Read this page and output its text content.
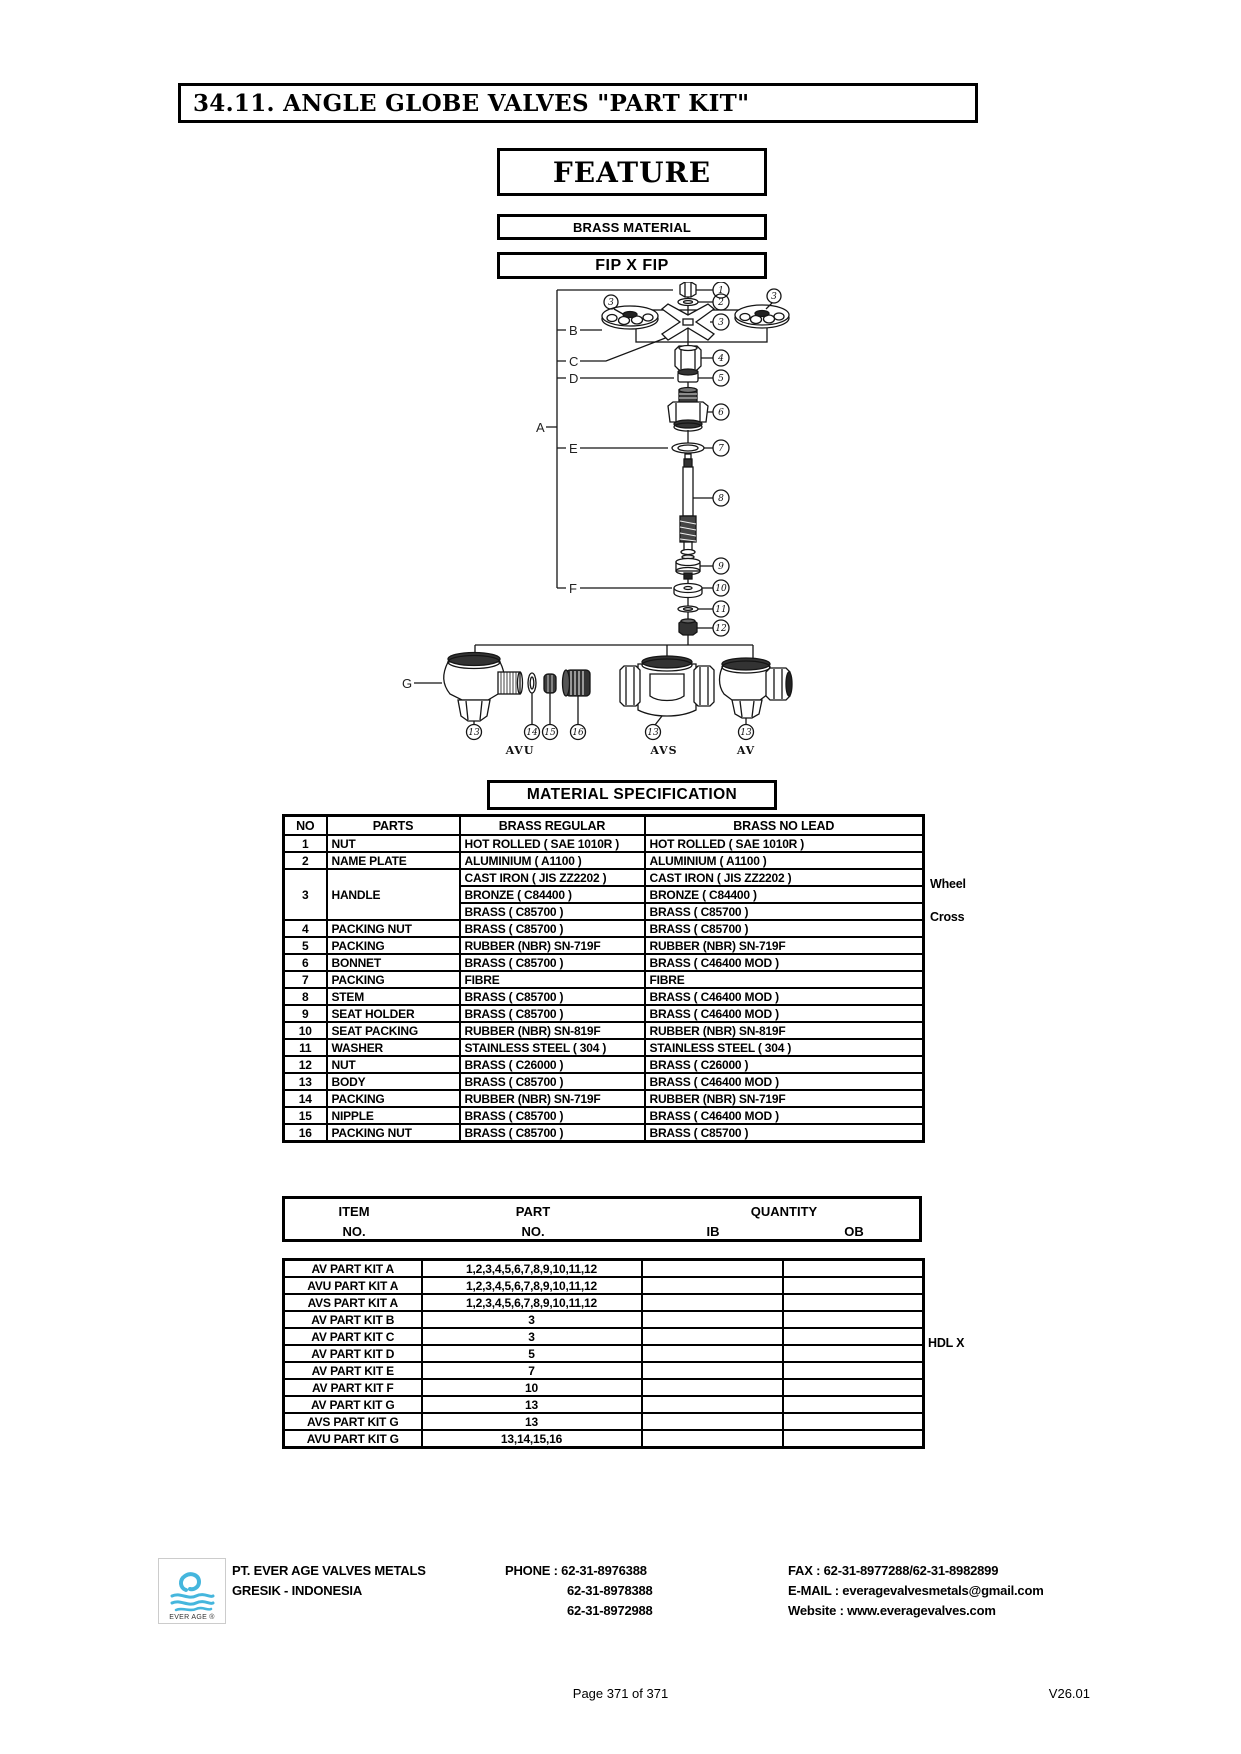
34.11. ANGLE GLOBE VALVES "PART KIT"
FEATURE
BRASS MATERIAL
FIP X FIP
A
B
C
D
E
F
1
2
3
3
3
4
5
6
7
8
9
10
11
12
13	14 15 16
AVU
13
AVS
13
AV
G
MATERIAL SPECIFICATION
NO	PARTS	BRASS REGULAR	BRASS NO LEAD
1	NUT	HOT ROLLED ( SAE 1010R )	HOT ROLLED ( SAE 1010R )
2	NAME PLATE	ALUMINIUM ( A1100 )	ALUMINIUM ( A1100 )
3	HANDLE	CAST IRON ( JIS ZZ2202 )	CAST IRON ( JIS ZZ2202 )
		BRONZE ( C84400 )	BRONZE ( C84400 )
		BRASS ( C85700 )	BRASS ( C85700 )
4	PACKING NUT	BRASS ( C85700 )	BRASS ( C85700 )
5	PACKING	RUBBER (NBR) SN-719F	RUBBER (NBR) SN-719F
6	BONNET	BRASS ( C85700 )	BRASS ( C46400 MOD )
7	PACKING	FIBRE	FIBRE
8	STEM	BRASS ( C85700 )	BRASS ( C46400 MOD )
9	SEAT HOLDER	BRASS ( C85700 )	BRASS ( C46400 MOD )
10	SEAT PACKING	RUBBER (NBR) SN-819F	RUBBER (NBR) SN-819F
11	WASHER	STAINLESS STEEL ( 304 )	STAINLESS STEEL ( 304 )
12	NUT	BRASS ( C26000 )	BRASS ( C26000 )
13	BODY	BRASS ( C85700 )	BRASS ( C46400 MOD )
14	PACKING	RUBBER (NBR) SN-719F	RUBBER (NBR) SN-719F
15	NIPPLE	BRASS ( C85700 )	BRASS ( C46400 MOD )
16	PACKING NUT	BRASS ( C85700 )	BRASS ( C85700 )
Wheel
Cross
ITEM
NO.
PART
NO.
QUANTITY
IB	OB
AV PART KIT A	1,2,3,4,5,6,7,8,9,10,11,12		
AVU PART KIT A	1,2,3,4,5,6,7,8,9,10,11,12		
AVS PART KIT A	1,2,3,4,5,6,7,8,9,10,11,12		
AV PART KIT B	3		
AV PART KIT C	3		
AV PART KIT D	5		
AV PART KIT E	7		
AV PART KIT F	10		
AV PART KIT G	13		
AVS PART KIT G	13		
AVU PART KIT G	13,14,15,16		
HDL X
EVER AGE ®
PT. EVER AGE VALVES METALS
GRESIK - INDONESIA
PHONE : 62-31-8976388
62-31-8978388
62-31-8972988
FAX : 62-31-8977288/62-31-8982899
E-MAIL : everagevalvesmetals@gmail.com
Website : www.everagevalves.com
Page 371 of 371	V26.01
